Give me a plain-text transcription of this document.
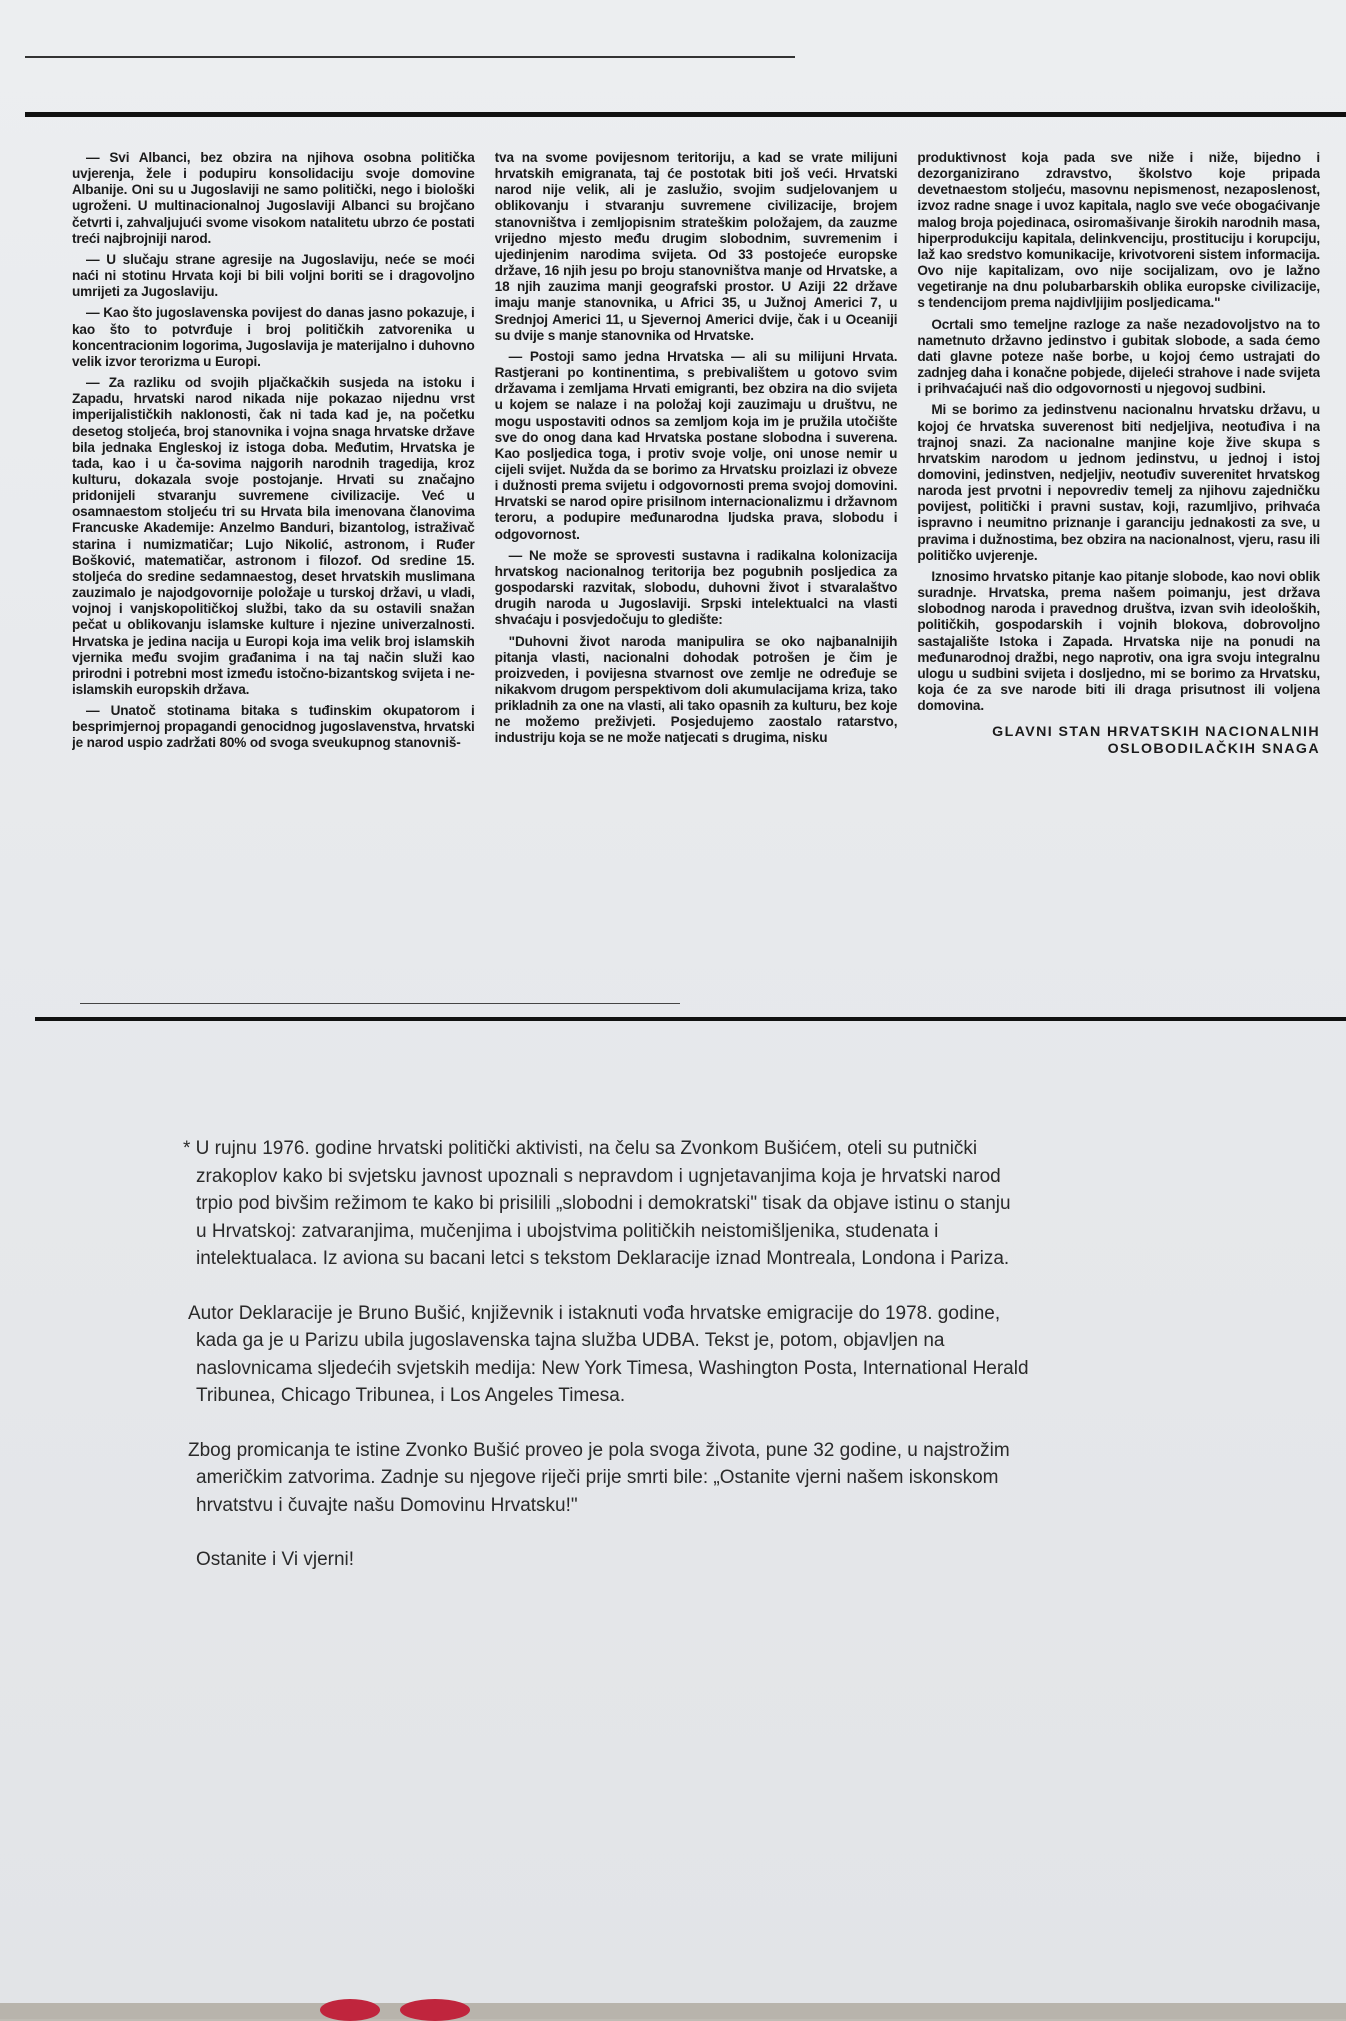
— Svi Albanci, bez obzira na njihova osobna politička uvjerenja, žele i podupiru konsolidaciju svoje domovine Albanije. Oni su u Jugoslaviji ne samo politički, nego i biološki ugroženi. U multinacionalnoj Jugoslaviji Albanci su brojčano četvrti i, zahvaljujući svome visokom natalitetu ubrzo će postati treći najbrojniji narod.

— U slučaju strane agresije na Jugoslaviju, neće se moći naći ni stotinu Hrvata koji bi bili voljni boriti se i dragovoljno umrijeti za Jugoslaviju.

— Kao što jugoslavenska povijest do danas jasno pokazuje, i kao što to potvrđuje i broj političkih zatvorenika u koncentracionim logorima, Jugoslavija je materijalno i duhovno velik izvor terorizma u Europi.

— Za razliku od svojih pljačkačkih susjeda na istoku i Zapadu, hrvatski narod nikada nije pokazao nijednu vrst imperijalističkih naklonosti, čak ni tada kad je, na početku desetog stoljeća, broj stanovnika i vojna snaga hrvatske države bila jednaka Engleskoj iz istoga doba. Međutim, Hrvatska je tada, kao i u ča-sovima najgorih narodnih tragedija, kroz kulturu, dokazala svoje postojanje. Hrvati su značajno pridonijeli stvaranju suvremene civilizacije. Već u osamnaestom stoljeću tri su Hrvata bila imenovana članovima Francuske Akademije: Anzelmo Banduri, bizantolog, istraživač starina i numizmatičar; Lujo Nikolić, astronom, i Ruđer Bošković, matematičar, astronom i filozof. Od sredine 15. stoljeća do sredine sedamnaestog, deset hrvatskih muslimana zauzimalo je najodgovornije položaje u turskoj državi, u vladi, vojnoj i vanjskopolitičkoj službi, tako da su ostavili snažan pečat u oblikovanju islamske kulture i njezine univerzalnosti. Hrvatska je jedina nacija u Europi koja ima velik broj islamskih vjernika među svojim građanima i na taj način služi kao prirodni i potrebni most između istočno-bizantskog svijeta i ne-islamskih europskih država.

— Unatoč stotinama bitaka s tuđinskim okupatorom i besprimjernoj propagandi genocidnog jugoslavenstva, hrvatski je narod uspio zadržati 80% od svoga sveukupnog stanovniš-

tva na svome povijesnom teritoriju, a kad se vrate milijuni hrvatskih emigranata, taj će postotak biti još veći. Hrvatski narod nije velik, ali je zaslužio, svojim sudjelovanjem u oblikovanju i stvaranju suvremene civilizacije, brojem stanovništva i zemljopisnim strateškim položajem, da zauzme vrijedno mjesto među drugim slobodnim, suvremenim i ujedinjenim narodima svijeta. Od 33 postojeće europske države, 16 njih jesu po broju stanovništva manje od Hrvatske, a 18 njih zauzima manji geografski prostor. U Aziji 22 države imaju manje stanovnika, u Africi 35, u Južnoj Americi 7, u Srednjoj Americi 11, u Sjevernoj Americi dvije, čak i u Oceaniji su dvije s manje stanovnika od Hrvatske.

— Postoji samo jedna Hrvatska — ali su milijuni Hrvata. Rastjerani po kontinentima, s prebivalištem u gotovo svim državama i zemljama Hrvati emigranti, bez obzira na dio svijeta u kojem se nalaze i na položaj koji zauzimaju u društvu, ne mogu uspostaviti odnos sa zemljom koja im je pružila utočište sve do onog dana kad Hrvatska postane slobodna i suverena. Kao posljedica toga, i protiv svoje volje, oni unose nemir u cijeli svijet. Nužda da se borimo za Hrvatsku proizlazi iz obveze i dužnosti prema svijetu i odgovornosti prema svojoj domovini. Hrvatski se narod opire prisilnom internacionalizmu i državnom teroru, a podupire međunarodna ljudska prava, slobodu i odgovornost.

— Ne može se sprovesti sustavna i radikalna kolonizacija hrvatskog nacionalnog teritorija bez pogubnih posljedica za gospodarski razvitak, slobodu, duhovni život i stvaralaštvo drugih naroda u Jugoslaviji. Srpski intelektualci na vlasti shvaćaju i posvjedočuju to gledište:

"Duhovni život naroda manipulira se oko najbanalnijih pitanja vlasti, nacionalni dohodak potrošen je čim je proizveden, i povijesna stvarnost ove zemlje ne određuje se nikakvom drugom perspektivom doli akumulacijama kriza, tako prikladnih za one na vlasti, ali tako opasnih za kulturu, bez koje ne možemo preživjeti. Posjedujemo zaostalo ratarstvo, industriju koja se ne može natjecati s drugima, nisku

produktivnost koja pada sve niže i niže, bijedno i dezorganizirano zdravstvo, školstvo koje pripada devetnaestom stoljeću, masovnu nepismenost, nezaposlenost, izvoz radne snage i uvoz kapitala, naglo sve veće obogaćivanje malog broja pojedinaca, osiromašivanje širokih narodnih masa, hiperprodukciju kapitala, delinkvenciju, prostituciju i korupciju, laž kao sredstvo komunikacije, krivotvoreni sistem informacija. Ovo nije kapitalizam, ovo nije socijalizam, ovo je lažno vegetiranje na dnu polubarbarskih oblika europske civilizacije, s tendencijom prema najdivljijim posljedicama."

Ocrtali smo temeljne razloge za naše nezadovoljstvo na to nametnuto državno jedinstvo i gubitak slobode, a sada ćemo dati glavne poteze naše borbe, u kojoj ćemo ustrajati do zadnjeg daha i konačne pobjede, dijeleći strahove i nade svijeta i prihvaćajući naš dio odgovornosti u njegovoj sudbini.

Mi se borimo za jedinstvenu nacionalnu hrvatsku državu, u kojoj će hrvatska suverenost biti nedjeljiva, neotuđiva i na trajnoj snazi. Za nacionalne manjine koje žive skupa s hrvatskim narodom u jednom jedinstvu, u jednoj i istoj domovini, jedinstven, nedjeljiv, neotuđiv suverenitet hrvatskog naroda jest prvotni i nepovrediv temelj za njihovu zajedničku povijest, politički i pravni sustav, koji, razumljivo, prihvaća ispravno i neumitno priznanje i garanciju jednakosti za sve, u pravima i dužnostima, bez obzira na nacionalnost, vjeru, rasu ili političko uvjerenje.

Iznosimo hrvatsko pitanje kao pitanje slobode, kao novi oblik suradnje. Hrvatska, prema našem poimanju, jest država slobodnog naroda i pravednog društva, izvan svih ideoloških, političkih, gospodarskih i vojnih blokova, dobrovoljno sastajalište Istoka i Zapada. Hrvatska nije na ponudi na međunarodnoj dražbi, nego naprotiv, ona igra svoju integralnu ulogu u sudbini svijeta i dosljedno, mi se borimo za Hrvatsku, koja će za sve narode biti ili draga prisutnost ili voljena domovina.

GLAVNI STAN HRVATSKIH NACIONALNIH
OSLOBODILAČKIH SNAGA

* U rujnu 1976. godine hrvatski politički aktivisti, na čelu sa Zvonkom Bušićem, oteli su putnički
zrakoplov kako bi svjetsku javnost upoznali s nepravdom i ugnjetavanjima koja je hrvatski narod
trpio pod bivšim režimom te kako bi prisilili „slobodni i demokratski" tisak da objave istinu o stanju
u Hrvatskoj: zatvaranjima, mučenjima i ubojstvima političkih neistomišljenika, studenata i
intelektualaca. Iz aviona su bacani letci s tekstom Deklaracije iznad Montreala, Londona i Pariza.

Autor Deklaracije je Bruno Bušić, književnik i istaknuti vođa hrvatske emigracije do 1978. godine,
kada ga je u Parizu ubila jugoslavenska tajna služba UDBA. Tekst je, potom, objavljen na
naslovnicama sljedećih svjetskih medija: New York Timesa, Washington Posta, International Herald
Tribunea, Chicago Tribunea, i Los Angeles Timesa.

Zbog promicanja te istine Zvonko Bušić proveo je pola svoga života, pune 32 godine, u najstrožim
američkim zatvorima. Zadnje su njegove riječi prije smrti bile: „Ostanite vjerni našem iskonskom
hrvatstvu i čuvajte našu Domovinu Hrvatsku!"

Ostanite i Vi vjerni!
